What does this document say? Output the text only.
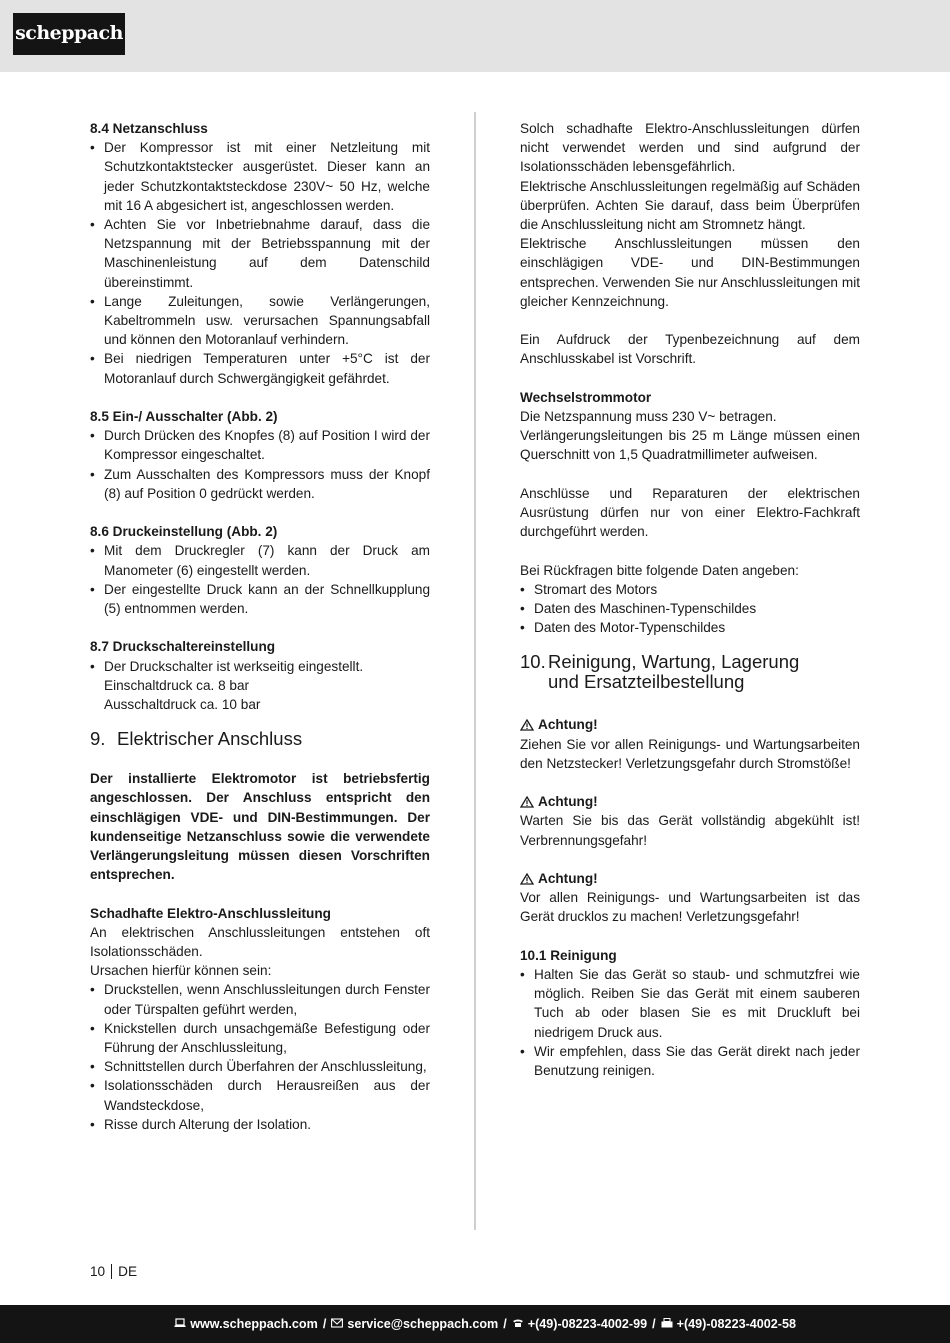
scheppach
8.4 Netzanschluss
• Der Kompressor ist mit einer Netzleitung mit Schutzkontaktstecker ausgerüstet. Dieser kann an jeder Schutzkontaktsteckdose 230V~ 50 Hz, welche mit 16 A abgesichert ist, angeschlossen werden.
• Achten Sie vor Inbetriebnahme darauf, dass die Netzspannung mit der Betriebsspannung mit der Maschinenleistung auf dem Datenschild übereinstimmt.
• Lange Zuleitungen, sowie Verlängerungen, Kabeltrommeln usw. verursachen Spannungsabfall und können den Motoranlauf verhindern.
• Bei niedrigen Temperaturen unter +5°C ist der Motoranlauf durch Schwergängigkeit gefährdet.
8.5 Ein-/ Ausschalter (Abb. 2)
• Durch Drücken des Knopfes (8) auf Position I wird der Kompressor eingeschaltet.
• Zum Ausschalten des Kompressors muss der Knopf (8) auf Position 0 gedrückt werden.
8.6 Druckeinstellung (Abb. 2)
• Mit dem Druckregler (7) kann der Druck am Manometer (6) eingestellt werden.
• Der eingestellte Druck kann an der Schnellkupplung (5) entnommen werden.
8.7 Druckschaltereinstellung
• Der Druckschalter ist werkseitig eingestellt.
Einschaltdruck ca. 8 bar
Ausschaltdruck ca. 10 bar
9. Elektrischer Anschluss

Der installierte Elektromotor ist betriebsfertig angeschlossen. Der Anschluss entspricht den einschlägigen VDE- und DIN-Bestimmungen. Der kundenseitige Netzanschluss sowie die verwendete Verlängerungsleitung müssen diesen Vorschriften entsprechen.

Schadhafte Elektro-Anschlussleitung

An elektrischen Anschlussleitungen entstehen oft Isolationsschäden.

Ursachen hierfür können sein:

• Druckstellen, wenn Anschlussleitungen durch Fenster oder Türspalten geführt werden,
• Knickstellen durch unsachgemäße Befestigung oder Führung der Anschlussleitung,
• Schnittstellen durch Überfahren der Anschlussleitung,
• Isolationsschäden durch Herausreißen aus der Wandsteckdose,
• Risse durch Alterung der Isolation.

Solch schadhafte Elektro-Anschlussleitungen dürfen nicht verwendet werden und sind aufgrund der Isolationsschäden lebensgefährlich.

Elektrische Anschlussleitungen regelmäßig auf Schäden überprüfen. Achten Sie darauf, dass beim Überprüfen die Anschlussleitung nicht am Stromnetz hängt.

Elektrische Anschlussleitungen müssen den einschlägigen VDE- und DIN-Bestimmungen entsprechen. Verwenden Sie nur Anschlussleitungen mit gleicher Kennzeichnung.

Ein Aufdruck der Typenbezeichnung auf dem Anschlusskabel ist Vorschrift.

Wechselstrommotor

Die Netzspannung muss 230 V~ betragen.

Verlängerungsleitungen bis 25 m Länge müssen einen Querschnitt von 1,5 Quadratmillimeter aufweisen.

Anschlüsse und Reparaturen der elektrischen Ausrüstung dürfen nur von einer Elektro-Fachkraft durchgeführt werden.

Bei Rückfragen bitte folgende Daten angeben:

• Stromart des Motors
• Daten des Maschinen-Typenschildes
• Daten des Motor-Typenschildes
10. Reinigung, Wartung, Lagerung
und Ersatzteilbestellung
Achtung!

Ziehen Sie vor allen Reinigungs- und Wartungsarbeiten den Netzstecker! Verletzungsgefahr durch Stromstöße!

Achtung!

Warten Sie bis das Gerät vollständig abgekühlt ist! Verbrennungsgefahr!

Achtung!

Vor allen Reinigungs- und Wartungsarbeiten ist das Gerät drucklos zu machen! Verletzungsgefahr!

10.1 Reinigung
• Halten Sie das Gerät so staub- und schmutzfrei wie möglich. Reiben Sie das Gerät mit einem sauberen Tuch ab oder blasen Sie es mit Druckluft bei niedrigem Druck aus.
• Wir empfehlen, dass Sie das Gerät direkt nach jeder Benutzung reinigen.
10 DE
www.scheppach.com / service@scheppach.com / +(49)-08223-4002-99 / +(49)-08223-4002-58
